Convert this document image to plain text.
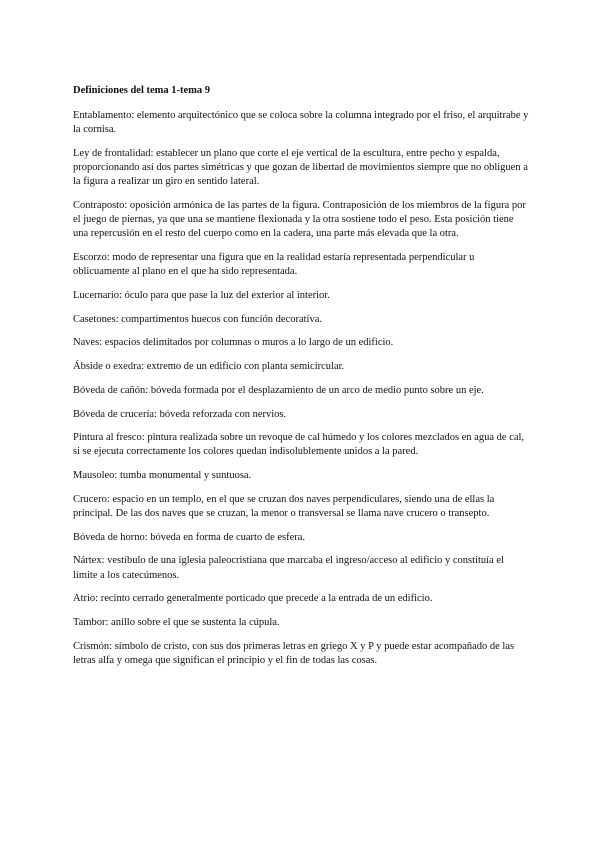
Definiciones del tema 1-tema 9

Entablamento: elemento arquitectónico que se coloca sobre la columna integrado por el friso, el arquitrabe y la cornisa.

Ley de frontalidad: establecer un plano que corte el eje vertical de la escultura, entre pecho y espalda, proporcionando así dos partes simétricas y que gozan de libertad de movimientos siempre que no obliguen a la figura a realizar un giro en sentido lateral.

Contraposto: oposición armónica de las partes de la figura. Contraposición de los miembros de la figura por el juego de piernas, ya que una se mantiene flexionada y la otra sostiene todo el peso. Esta posición tiene una repercusión en el resto del cuerpo como en la cadera, una parte más elevada que la otra.

Escorzo: modo de representar una figura que en la realidad estaría representada perpendicular u oblicuamente al plano en el que ha sido representada.

Lucernario: óculo para que pase la luz del exterior al interior.

Casetones: compartimentos huecos con función decorativa.

Naves: espacios delimitados por columnas o muros a lo largo de un edificio.

Ábside o exedra: extremo de un edificio con planta semicircular.

Bóveda de cañón: bóveda formada por el desplazamiento de un arco de medio punto sobre un eje.

Bóveda de crucería: bóveda reforzada con nervios.

Pintura al fresco: pintura realizada sobre un revoque de cal húmedo y los colores mezclados en agua de cal, si se ejecuta correctamente los colores quedan indisolublemente unidos a la pared.

Mausoleo: tumba monumental y suntuosa.

Crucero: espacio en un templo, en el que se cruzan dos naves perpendiculares, siendo una de ellas la principal. De las dos naves que se cruzan, la menor o transversal se llama nave crucero o transepto.

Bóveda de horno: bóveda en forma de cuarto de esfera.

Nártex: vestíbulo de una iglesia paleocristiana que marcaba el ingreso/acceso al edificio y constituía el límite a los catecúmenos.

Atrio: recinto cerrado generalmente porticado que precede a la entrada de un edificio.

Tambor: anillo sobre el que se sustenta la cúpula.

Crismón: símbolo de cristo, con sus dos primeras letras en griego X y P y puede estar acompañado de las letras alfa y omega que significan el principio y el fin de todas las cosas.
